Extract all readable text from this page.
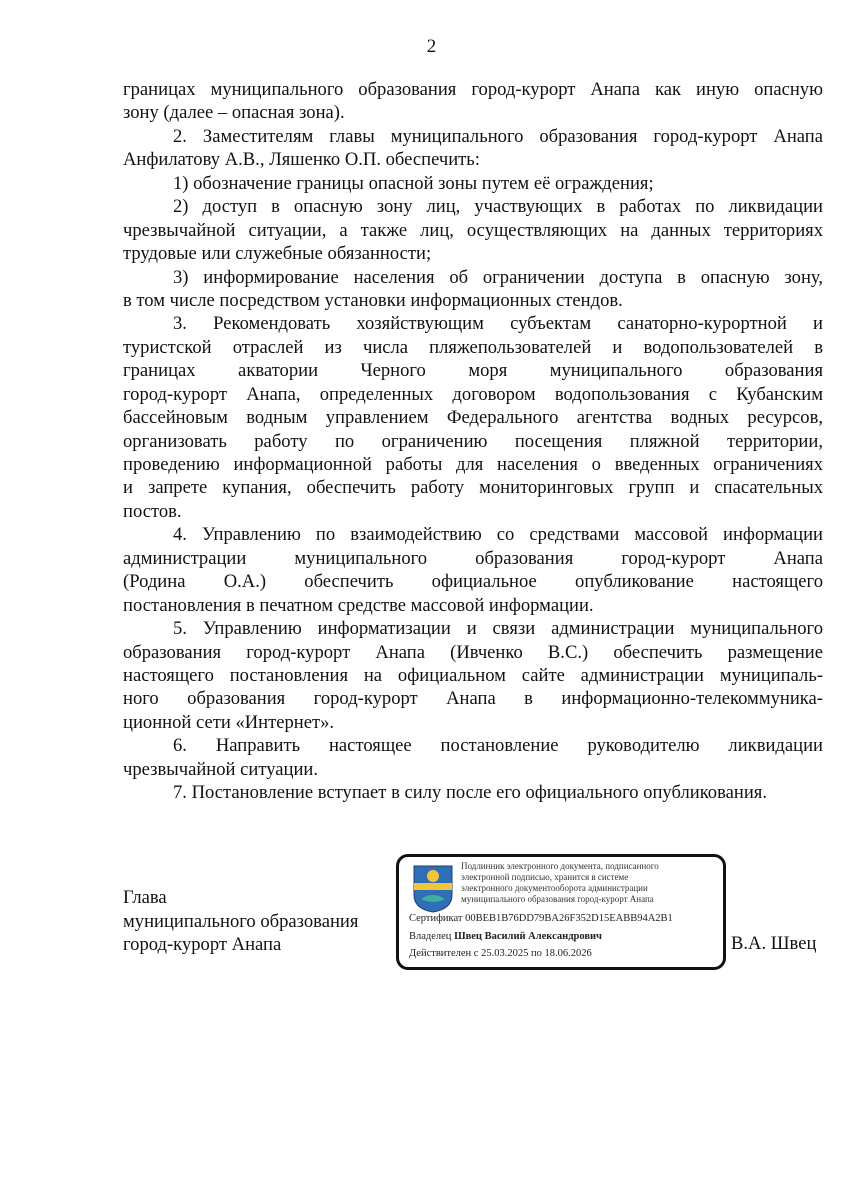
2
границах муниципального образования город-курорт Анапа как иную опасную
зону (далее – опасная зона).
2. Заместителям главы муниципального образования город-курорт Анапа
Анфилатову А.В., Ляшенко О.П. обеспечить:
1) обозначение границы опасной зоны путем её ограждения;
2) доступ в опасную зону лиц, участвующих в работах по ликвидации
чрезвычайной ситуации, а также лиц, осуществляющих на данных территориях
трудовые или служебные обязанности;
3) информирование населения об ограничении доступа в опасную зону,
в том числе посредством установки информационных стендов.
3. Рекомендовать хозяйствующим субъектам санаторно-курортной и
туристской отраслей из числа пляжепользователей и водопользователей в
границах акватории Черного моря муниципального образования
город-курорт Анапа, определенных договором водопользования с Кубанским
бассейновым водным управлением Федерального агентства водных ресурсов,
организовать работу по ограничению посещения пляжной территории,
проведению информационной работы для населения о введенных ограничениях
и запрете купания, обеспечить работу мониторинговых групп и спасательных
постов.
4. Управлению по взаимодействию со средствами массовой информации
администрации муниципального образования город-курорт Анапа
(Родина О.А.) обеспечить официальное опубликование настоящего
постановления в печатном средстве массовой информации.
5. Управлению информатизации и связи администрации муниципального
образования город-курорт Анапа (Ивченко В.С.) обеспечить размещение
настоящего постановления на официальном сайте администрации муниципаль-
ного образования город-курорт Анапа в информационно-телекоммуника-
ционной сети «Интернет».
6. Направить настоящее постановление руководителю ликвидации
чрезвычайной ситуации.
7. Постановление вступает в силу после его официального опубликования.
Глава
муниципального образования
город-курорт Анапа
Подлинник электронного документа, подписанного
электронной подписью, хранится в системе
электронного документооборота администрации
муниципального образования город-курорт Анапа
Сертификат 00BEB1B76DD79BA26F352D15EABB94A2B1
Владелец Швец Василий Александрович
Действителен с 25.03.2025 по 18.06.2026	В.А. Швец
